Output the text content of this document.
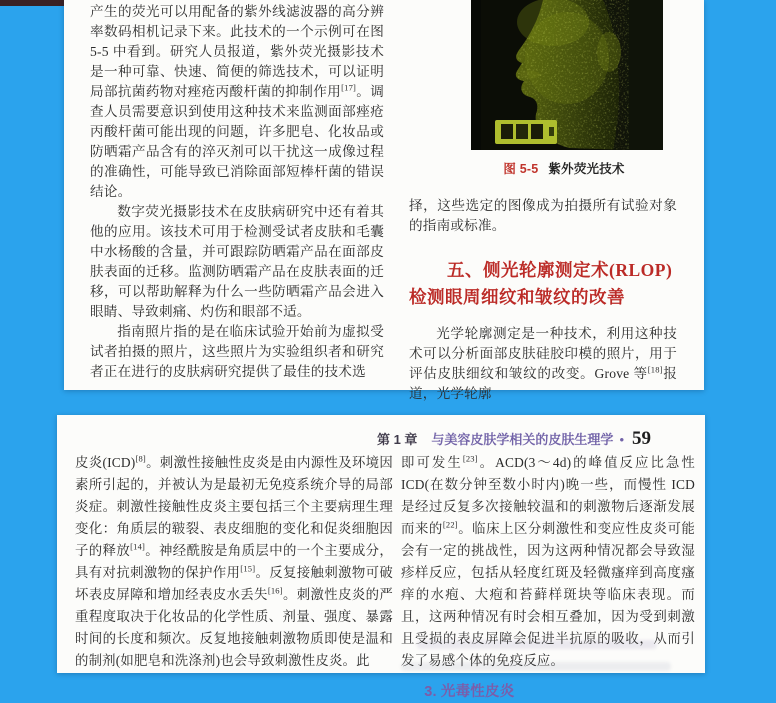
产生的荧光可以用配备的紫外线滤波器的高分辨率数码相机记录下来。此技术的一个示例可在图 5-5 中看到。研究人员报道，紫外荧光摄影技术是一种可靠、快速、简便的筛选技术，可以证明局部抗菌药物对痤疮丙酸杆菌的抑制作用[17]。调查人员需要意识到使用这种技术来监测面部痤疮丙酸杆菌可能出现的问题，许多肥皂、化妆品或防晒霜产品含有的淬灭剂可以干扰这一成像过程的准确性，可能导致已消除面部短棒杆菌的错误结论。

数字荧光摄影技术在皮肤病研究中还有着其他的应用。该技术可用于检测受试者皮肤和毛囊中水杨酸的含量，并可跟踪防晒霜产品在面部皮肤表面的迁移。监测防晒霜产品在皮肤表面的迁移，可以帮助解释为什么一些防晒霜产品会进入眼睛、导致刺痛、灼伤和眼部不适。

指南照片指的是在临床试验开始前为虚拟受试者拍摄的照片，这些照片为实验组织者和研究者正在进行的皮肤病研究提供了最佳的技术选

图 5-5 紫外荧光技术

择，这些选定的图像成为拍摄所有试验对象的指南或标准。

五、侧光轮廓测定术(RLOP)检测眼周细纹和皱纹的改善

光学轮廓测定是一种技术，利用这种技术可以分析面部皮肤硅胶印模的照片，用于评估皮肤细纹和皱纹的改变。Grove 等[18]报道，光学轮廓

第 1 章 与美容皮肤学相关的皮肤生理学 • 59

皮炎(ICD)[8]。刺激性接触性皮炎是由内源性及环境因素所引起的，并被认为是最初无免疫系统介导的局部炎症。刺激性接触性皮炎主要包括三个主要病理生理变化：角质层的皲裂、表皮细胞的变化和促炎细胞因子的释放[14]。神经酰胺是角质层中的一个主要成分，具有对抗刺激物的保护作用[15]。反复接触刺激物可破坏表皮屏障和增加经表皮水丢失[16]。刺激性皮炎的严重程度取决于化妆品的化学性质、剂量、强度、暴露时间的长度和频次。反复地接触刺激物质即使是温和的制剂(如肥皂和洗涤剂)也会导致刺激性皮炎。此

即可发生[23]。ACD(3～4d)的峰值反应比急性ICD(在数分钟至数小时内)晚一些，而慢性 ICD 是经过反复多次接触较温和的刺激物后逐渐发展而来的[22]。临床上区分刺激性和变应性皮炎可能会有一定的挑战性，因为这两种情况都会导致湿疹样反应，包括从轻度红斑及轻微瘙痒到高度瘙痒的水疱、大疱和苔藓样斑块等临床表现。而且，这两种情况有时会相互叠加，因为受到刺激且受损的表皮屏障会促进半抗原的吸收，从而引发了易感个体的免疫反应。

3. 光毒性皮炎
